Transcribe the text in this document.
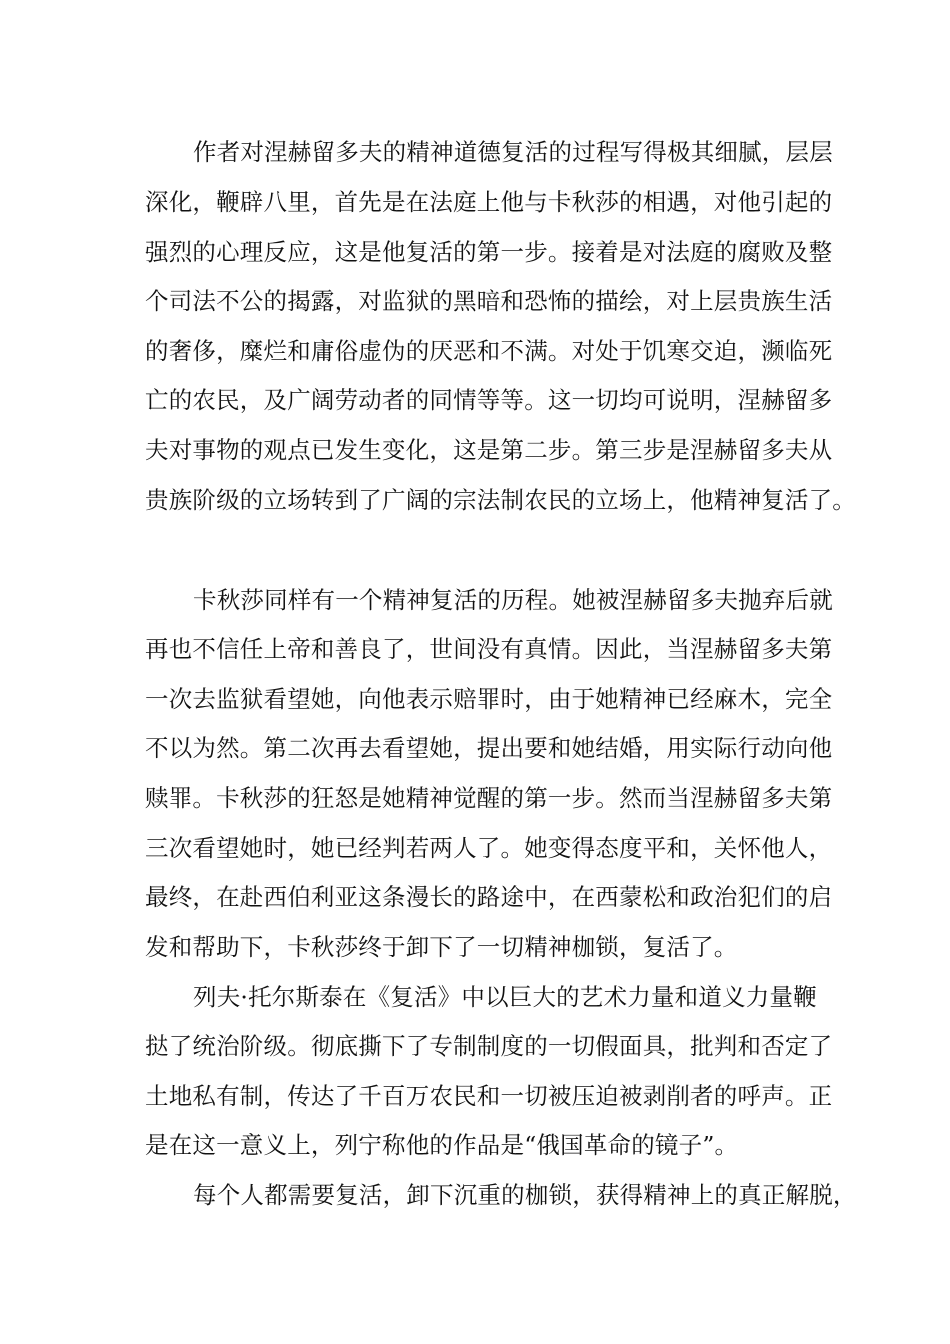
作者对涅赫留多夫的精神道德复活的过程写得极其细腻，层层
深化，鞭辟八里，首先是在法庭上他与卡秋莎的相遇，对他引起的
强烈的心理反应，这是他复活的第一步。接着是对法庭的腐败及整
个司法不公的揭露，对监狱的黑暗和恐怖的描绘，对上层贵族生活
的奢侈，糜烂和庸俗虚伪的厌恶和不满。对处于饥寒交迫，濒临死
亡的农民，及广阔劳动者的同情等等。这一切均可说明，涅赫留多
夫对事物的观点已发生变化，这是第二步。第三步是涅赫留多夫从
贵族阶级的立场转到了广阔的宗法制农民的立场上，他精神复活了。
卡秋莎同样有一个精神复活的历程。她被涅赫留多夫抛弃后就
再也不信任上帝和善良了，世间没有真情。因此，当涅赫留多夫第
一次去监狱看望她，向他表示赔罪时，由于她精神已经麻木，完全
不以为然。第二次再去看望她，提出要和她结婚，用实际行动向他
赎罪。卡秋莎的狂怒是她精神觉醒的第一步。然而当涅赫留多夫第
三次看望她时，她已经判若两人了。她变得态度平和，关怀他人，
最终，在赴西伯利亚这条漫长的路途中，在西蒙松和政治犯们的启
发和帮助下，卡秋莎终于卸下了一切精神枷锁，复活了。
列夫·托尔斯泰在《复活》中以巨大的艺术力量和道义力量鞭
挞了统治阶级。彻底撕下了专制制度的一切假面具，批判和否定了
土地私有制，传达了千百万农民和一切被压迫被剥削者的呼声。正
是在这一意义上，列宁称他的作品是“俄国革命的镜子”。
每个人都需要复活，卸下沉重的枷锁，获得精神上的真正解脱，
